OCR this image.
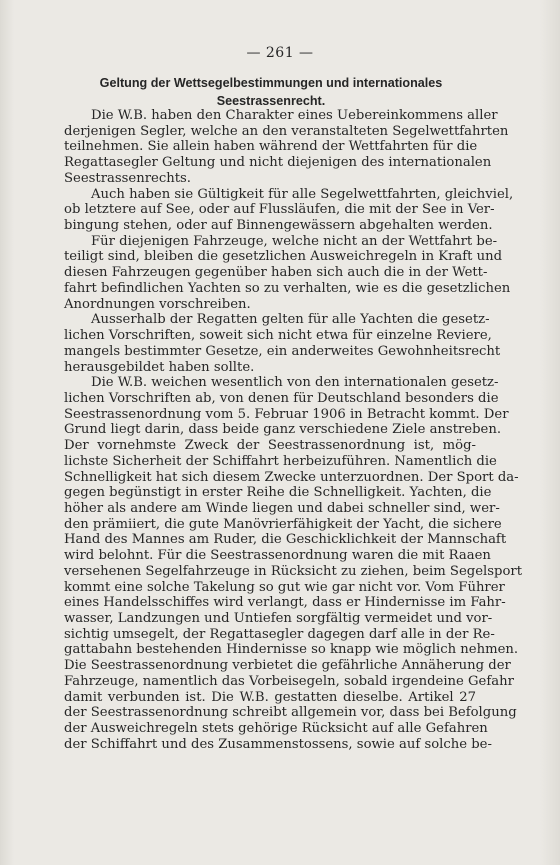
— 261 —
Geltung der Wettsegelbestimmungen und internationales
Seestrassenrecht.
Die W.B. haben den Charakter eines Uebereinkommens aller
derjenigen Segler, welche an den veranstalteten Segelwettfahrten
teilnehmen. Sie allein haben während der Wettfahrten für die
Regattasegler Geltung und nicht diejenigen des internationalen
Seestrassenrechts.
Auch haben sie Gültigkeit für alle Segelwettfahrten, gleichviel,
ob letztere auf See, oder auf Flussläufen, die mit der See in Ver-
bingung stehen, oder auf Binnengewässern abgehalten werden.
Für diejenigen Fahrzeuge, welche nicht an der Wettfahrt be-
teiligt sind, bleiben die gesetzlichen Ausweichregeln in Kraft und
diesen Fahrzeugen gegenüber haben sich auch die in der Wett-
fahrt befindlichen Yachten so zu verhalten, wie es die gesetzlichen
Anordnungen vorschreiben.
Ausserhalb der Regatten gelten für alle Yachten die gesetz-
lichen Vorschriften, soweit sich nicht etwa für einzelne Reviere,
mangels bestimmter Gesetze, ein anderweites Gewohnheitsrecht
herausgebildet haben sollte.
Die W.B. weichen wesentlich von den internationalen gesetz-
lichen Vorschriften ab, von denen für Deutschland besonders die
Seestrassenordnung vom 5. Februar 1906 in Betracht kommt. Der
Grund liegt darin, dass beide ganz verschiedene Ziele anstreben.
Der vornehmste Zweck der Seestrassenordnung ist, mög-
lichste Sicherheit der Schiffahrt herbeizuführen. Namentlich die
Schnelligkeit hat sich diesem Zwecke unterzuordnen. Der Sport da-
gegen begünstigt in erster Reihe die Schnelligkeit. Yachten, die
höher als andere am Winde liegen und dabei schneller sind, wer-
den prämiiert, die gute Manövrierfähigkeit der Yacht, die sichere
Hand des Mannes am Ruder, die Geschicklichkeit der Mannschaft
wird belohnt. Für die Seestrassenordnung waren die mit Raaen
versehenen Segelfahrzeuge in Rücksicht zu ziehen, beim Segelsport
kommt eine solche Takelung so gut wie gar nicht vor. Vom Führer
eines Handelsschiffes wird verlangt, dass er Hindernisse im Fahr-
wasser, Landzungen und Untiefen sorgfältig vermeidet und vor-
sichtig umsegelt, der Regattasegler dagegen darf alle in der Re-
gattabahn bestehenden Hindernisse so knapp wie möglich nehmen.
Die Seestrassenordnung verbietet die gefährliche Annäherung der
Fahrzeuge, namentlich das Vorbeisegeln, sobald irgendeine Gefahr
damit verbunden ist. Die W.B. gestatten dieselbe. Artikel 27
der Seestrassenordnung schreibt allgemein vor, dass bei Befolgung
der Ausweichregeln stets gehörige Rücksicht auf alle Gefahren
der Schiffahrt und des Zusammenstossens, sowie auf solche be-
